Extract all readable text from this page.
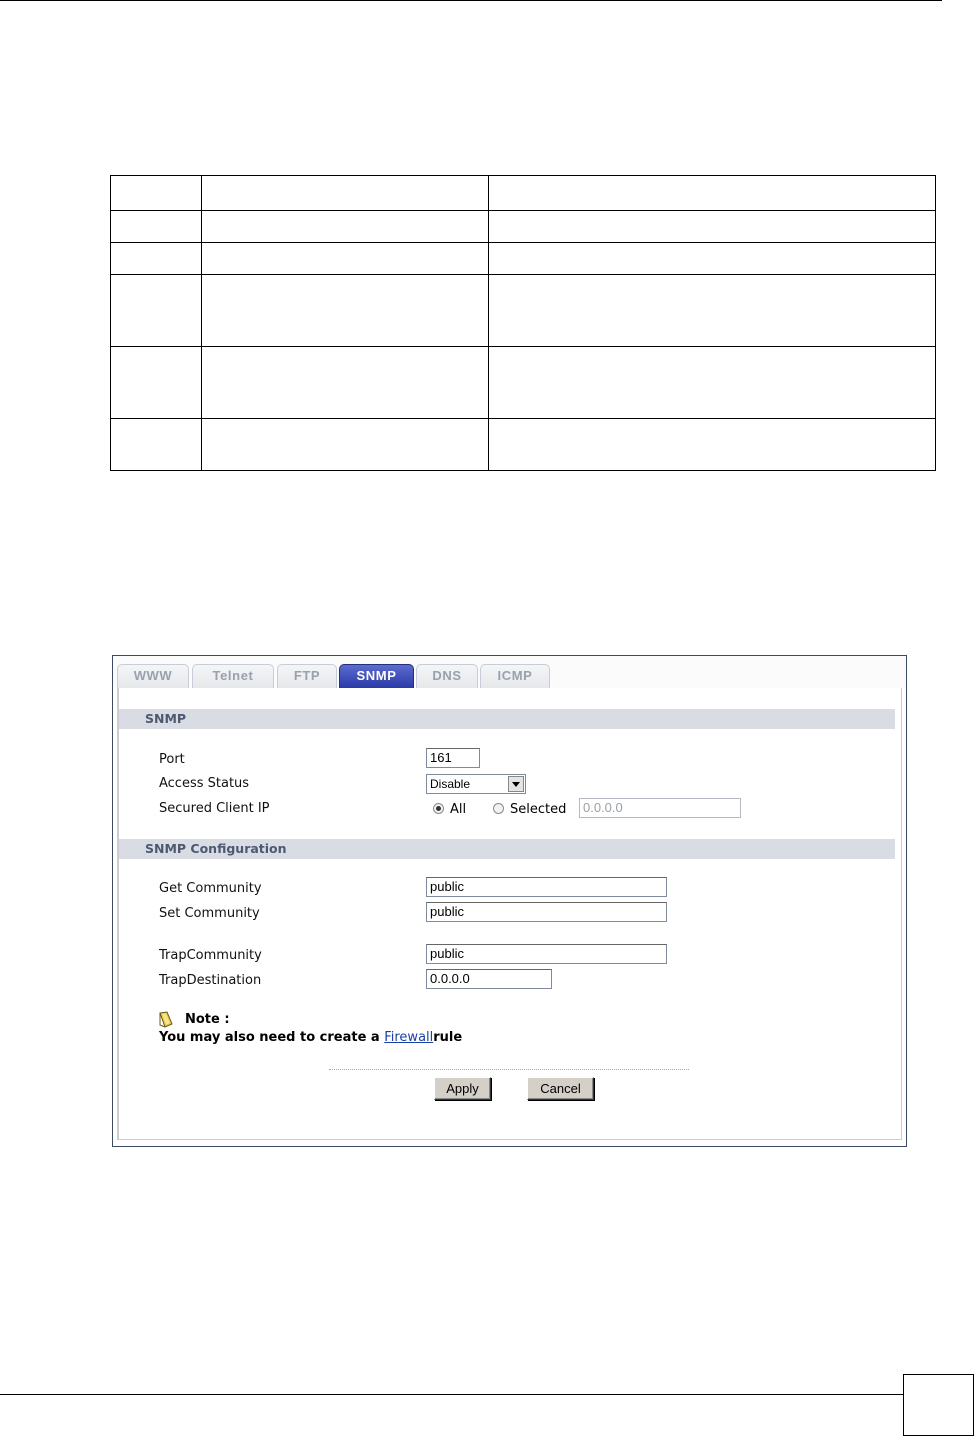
WWW	Telnet	FTP	SNMP	DNS	ICMP
SNMP
Port	161
Access Status	Disable
Secured Client IP	All	Selected	0.0.0.0
SNMP Configuration
Get Community	public
Set Community	public
TrapCommunity	public
TrapDestination	0.0.0.0
Note :
You may also need to create a Firewallrule
Apply	Cancel
